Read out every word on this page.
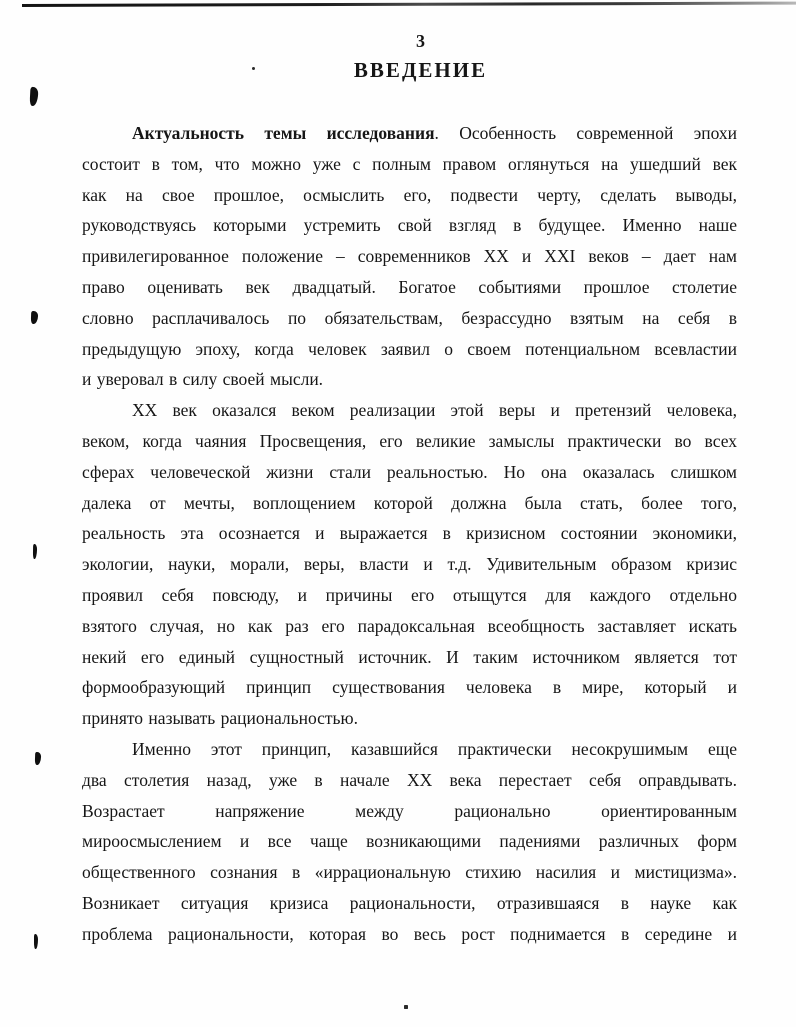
3
ВВЕДЕНИЕ
Актуальность темы исследования. Особенность современной эпохи
состоит в том, что можно уже с полным правом оглянуться на ушедший век
как на свое прошлое, осмыслить его, подвести черту, сделать выводы,
руководствуясь которыми устремить свой взгляд в будущее. Именно наше
привилегированное положение – современников XX и XXI веков – дает нам
право оценивать век двадцатый. Богатое событиями прошлое столетие
словно расплачивалось по обязательствам, безрассудно взятым на себя в
предыдущую эпоху, когда человек заявил о своем потенциальном всевластии
и уверовал в силу своей мысли.
XX век оказался веком реализации этой веры и претензий человека,
веком, когда чаяния Просвещения, его великие замыслы практически во всех
сферах человеческой жизни стали реальностью. Но она оказалась слишком
далека от мечты, воплощением которой должна была стать, более того,
реальность эта осознается и выражается в кризисном состоянии экономики,
экологии, науки, морали, веры, власти и т.д. Удивительным образом кризис
проявил себя повсюду, и причины его отыщутся для каждого отдельно
взятого случая, но как раз его парадоксальная всеобщность заставляет искать
некий его единый сущностный источник. И таким источником является тот
формообразующий принцип существования человека в мире, который и
принято называть рациональностью.
Именно этот принцип, казавшийся практически несокрушимым еще
два столетия назад, уже в начале XX века перестает себя оправдывать.
Возрастает напряжение между рационально ориентированным
мироосмыслением и все чаще возникающими падениями различных форм
общественного сознания в «иррациональную стихию насилия и мистицизма».
Возникает ситуация кризиса рациональности, отразившаяся в науке как
проблема рациональности, которая во весь рост поднимается в середине и
